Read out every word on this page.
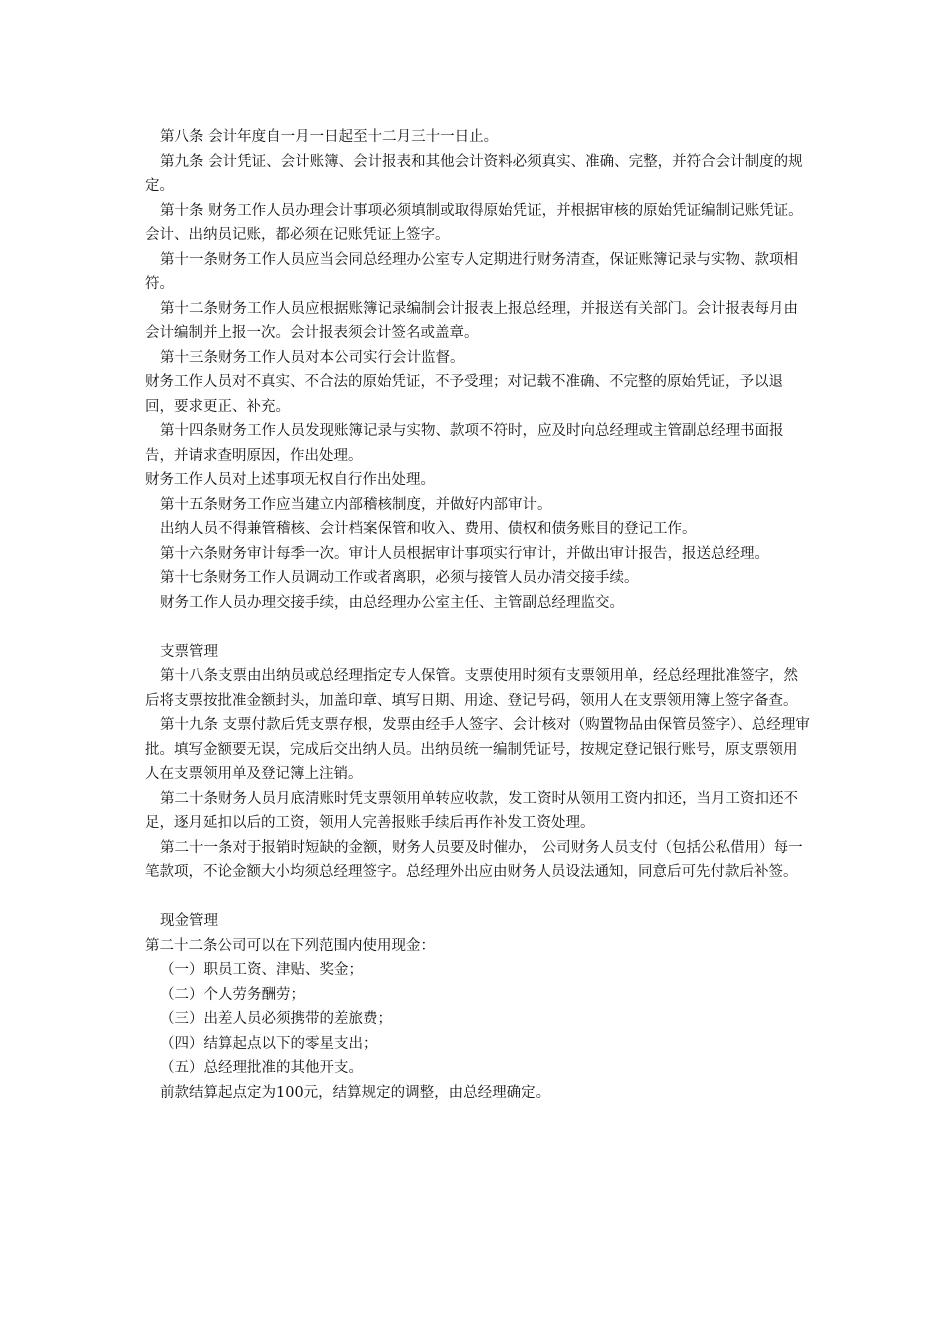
第八条 会计年度自一月一日起至十二月三十一日止。

第九条 会计凭证、会计账簿、会计报表和其他会计资料必须真实、准确、完整，并符合会计制度的规定。

第十条 财务工作人员办理会计事项必须填制或取得原始凭证，并根据审核的原始凭证编制记账凭证。会计、出纳员记账，都必须在记账凭证上签字。

第十一条财务工作人员应当会同总经理办公室专人定期进行财务清查，保证账簿记录与实物、款项相符。

第十二条财务工作人员应根据账簿记录编制会计报表上报总经理，并报送有关部门。会计报表每月由会计编制并上报一次。会计报表须会计签名或盖章。

第十三条财务工作人员对本公司实行会计监督。

财务工作人员对不真实、不合法的原始凭证，不予受理；对记载不准确、不完整的原始凭证，予以退回，要求更正、补充。

第十四条财务工作人员发现账簿记录与实物、款项不符时，应及时向总经理或主管副总经理书面报告，并请求查明原因，作出处理。

财务工作人员对上述事项无权自行作出处理。

第十五条财务工作应当建立内部稽核制度，并做好内部审计。

出纳人员不得兼管稽核、会计档案保管和收入、费用、债权和债务账目的登记工作。

第十六条财务审计每季一次。审计人员根据审计事项实行审计，并做出审计报告，报送总经理。

第十七条财务工作人员调动工作或者离职，必须与接管人员办清交接手续。

财务工作人员办理交接手续，由总经理办公室主任、主管副总经理监交。

支票管理

第十八条支票由出纳员或总经理指定专人保管。支票使用时须有支票领用单，经总经理批准签字，然后将支票按批准金额封头，加盖印章、填写日期、用途、登记号码，领用人在支票领用簿上签字备查。

第十九条 支票付款后凭支票存根，发票由经手人签字、会计核对（购置物品由保管员签字）、总经理审批。填写金额要无误，完成后交出纳人员。出纳员统一编制凭证号，按规定登记银行账号，原支票领用人在支票领用单及登记簿上注销。

第二十条财务人员月底清账时凭支票领用单转应收款，发工资时从领用工资内扣还，当月工资扣还不足，逐月延扣以后的工资，领用人完善报账手续后再作补发工资处理。

第二十一条对于报销时短缺的金额，财务人员要及时催办， 公司财务人员支付（包括公私借用）每一笔款项，不论金额大小均须总经理签字。总经理外出应由财务人员设法通知，同意后可先付款后补签。

现金管理

第二十二条公司可以在下列范围内使用现金：

（一）职员工资、津贴、奖金；

（二）个人劳务酬劳；

（三）出差人员必须携带的差旅费；

（四）结算起点以下的零星支出；

（五）总经理批准的其他开支。

前款结算起点定为100元，结算规定的调整，由总经理确定。
